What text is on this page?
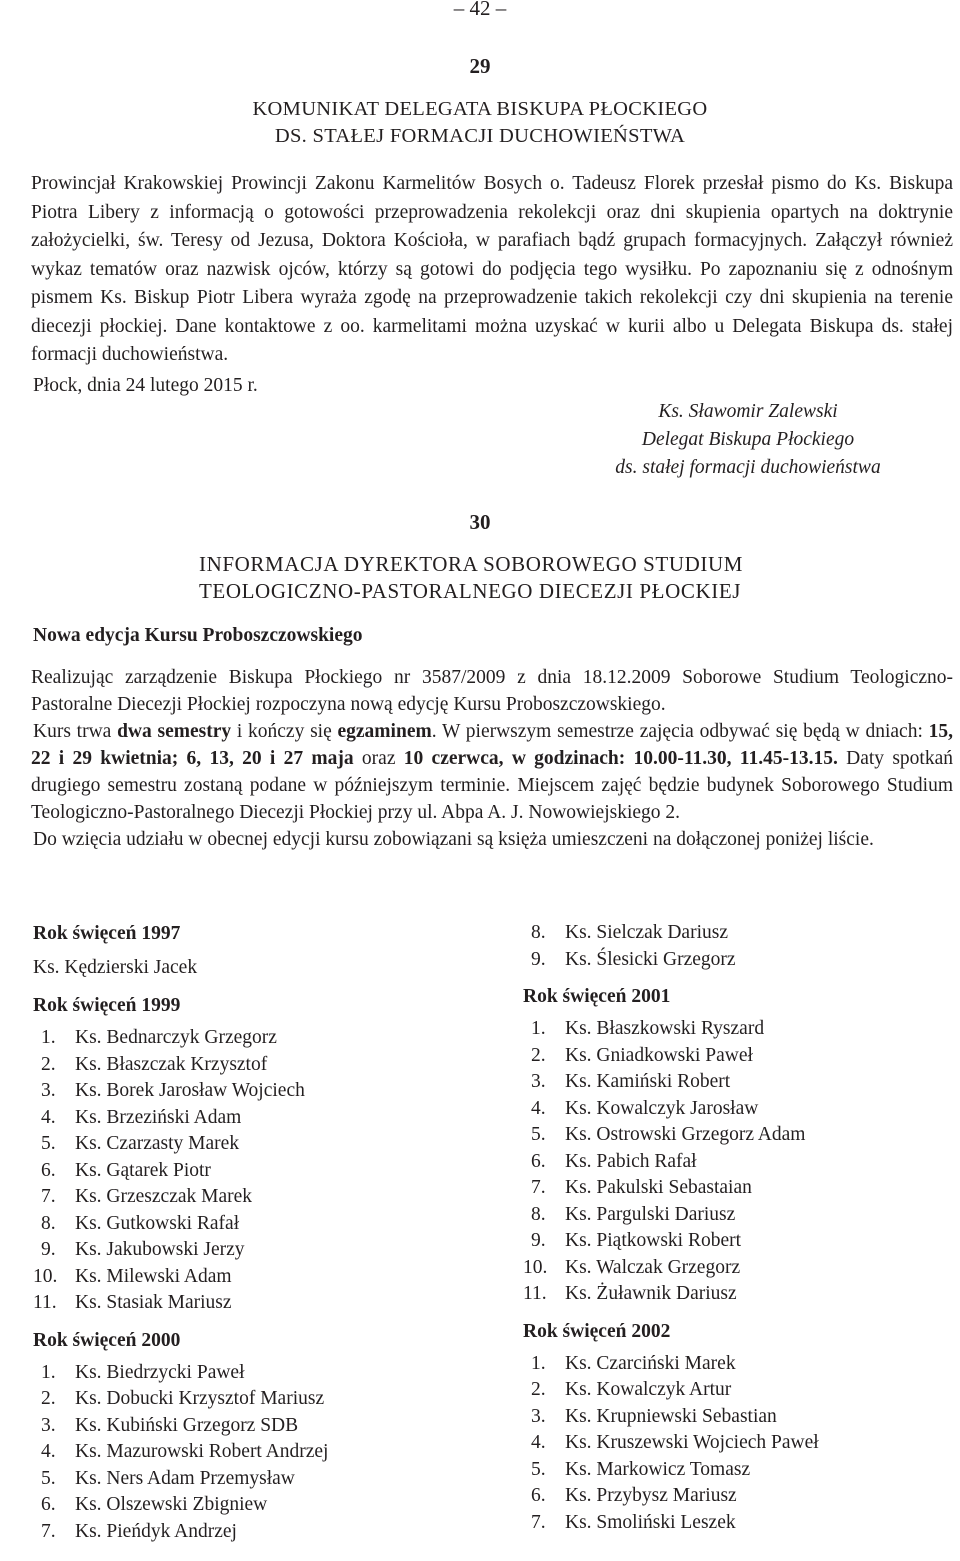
– 42 –
29
KOMUNIKAT DELEGATA BISKUPA PŁOCKIEGO
DS. STAŁEJ FORMACJI DUCHOWIEŃSTWA

Prowincjał Krakowskiej Prowincji Zakonu Karmelitów Bosych o. Tadeusz Florek przesłał pismo do Ks. Biskupa Piotra Libery z informacją o gotowości przeprowadzenia rekolekcji oraz dni skupienia opartych na doktrynie założycielki, św. Teresy od Jezusa, Doktora Kościoła, w parafiach bądź grupach formacyjnych. Załączył również wykaz tematów oraz nazwisk ojców, którzy są gotowi do podjęcia tego wysiłku. Po zapoznaniu się z odnośnym pismem Ks. Biskup Piotr Libera wyraża zgodę na przeprowadzenie takich rekolekcji czy dni skupienia na terenie diecezji płockiej. Dane kontaktowe z oo. karmelitami można uzyskać w kurii albo u Delegata Biskupa ds. stałej formacji duchowieństwa.

Płock, dnia 24 lutego 2015 r.
Ks. Sławomir Zalewski
Delegat Biskupa Płockiego
ds. stałej formacji duchowieństwa
30
INFORMACJA DYREKTORA SOBOROWEGO STUDIUM
TEOLOGICZNO-PASTORALNEGO DIECEZJI PŁOCKIEJ
Nowa edycja Kursu Proboszczowskiego

Realizując zarządzenie Biskupa Płockiego nr 3587/2009 z dnia 18.12.2009 Soborowe Studium Teologiczno-Pastoralne Diecezji Płockiej rozpoczyna nową edycję Kursu Proboszczowskiego.

Kurs trwa dwa semestry i kończy się egzaminem. W pierwszym semestrze zajęcia odbywać się będą w dniach: 15, 22 i 29 kwietnia; 6, 13, 20 i 27 maja oraz 10 czerwca, w godzinach: 10.00-11.30, 11.45-13.15. Daty spotkań drugiego semestru zostaną podane w późniejszym terminie. Miejscem zajęć będzie budynek Soborowego Studium Teologiczno-Pastoralnego Diecezji Płockiej przy ul. Abpa A. J. Nowowiejskiego 2.

Do wzięcia udziału w obecnej edycji kursu zobowiązani są księża umieszczeni na dołączonej poniżej liście.

Rok święceń 1997
Ks. Kędzierski Jacek
Rok święceń 1999
1. Ks. Bednarczyk Grzegorz
2. Ks. Błaszczak Krzysztof
3. Ks. Borek Jarosław Wojciech
4. Ks. Brzeziński Adam
5. Ks. Czarzasty Marek
6. Ks. Gątarek Piotr
7. Ks. Grzeszczak Marek
8. Ks. Gutkowski Rafał
9. Ks. Jakubowski Jerzy
10. Ks. Milewski Adam
11. Ks. Stasiak Mariusz
Rok święceń 2000
1. Ks. Biedrzycki Paweł
2. Ks. Dobucki Krzysztof Mariusz
3. Ks. Kubiński Grzegorz SDB
4. Ks. Mazurowski Robert Andrzej
5. Ks. Ners Adam Przemysław
6. Ks. Olszewski Zbigniew
7. Ks. Pieńdyk Andrzej
8. Ks. Sielczak Dariusz
9. Ks. Ślesicki Grzegorz
Rok święceń 2001
1. Ks. Błaszkowski Ryszard
2. Ks. Gniadkowski Paweł
3. Ks. Kamiński Robert
4. Ks. Kowalczyk Jarosław
5. Ks. Ostrowski Grzegorz Adam
6. Ks. Pabich Rafał
7. Ks. Pakulski Sebastaian
8. Ks. Pargulski Dariusz
9. Ks. Piątkowski Robert
10. Ks. Walczak Grzegorz
11. Ks. Żuławnik Dariusz
Rok święceń 2002
1. Ks. Czarciński Marek
2. Ks. Kowalczyk Artur
3. Ks. Krupniewski Sebastian
4. Ks. Kruszewski Wojciech Paweł
5. Ks. Markowicz Tomasz
6. Ks. Przybysz Mariusz
7. Ks. Smoliński Leszek
